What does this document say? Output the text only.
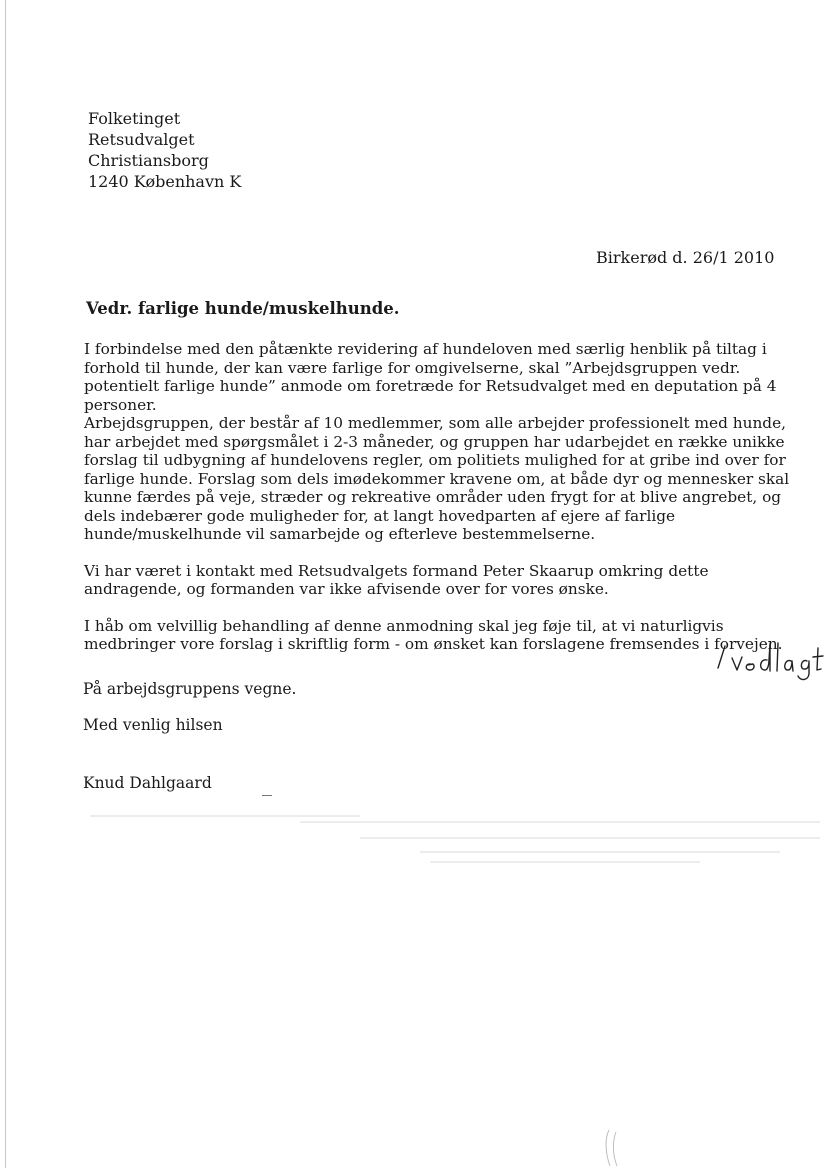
Folketinget
Retsudvalget
Christiansborg
1240 København K
Birkerød d. 26/1 2010
Vedr. farlige hunde/muskelhunde.
I forbindelse med den påtænkte revidering af hundeloven med særlig henblik på tiltag i
forhold til hunde, der kan være farlige for omgivelserne, skal ”Arbejdsgruppen vedr.
potentielt farlige hunde” anmode om foretræde for Retsudvalget med en deputation på 4
personer.
Arbejdsgruppen, der består af 10 medlemmer, som alle arbejder professionelt med hunde,
har arbejdet med spørgsmålet i 2-3 måneder, og gruppen har udarbejdet en række unikke
forslag til udbygning af hundelovens regler, om politiets mulighed for at gribe ind over for
farlige hunde. Forslag som dels imødekommer kravene om, at både dyr og mennesker skal
kunne færdes på veje, stræder og rekreative områder uden frygt for at blive angrebet, og
dels indebærer gode muligheder for, at langt hovedparten af ejere af farlige
hunde/muskelhunde vil samarbejde og efterleve bestemmelserne.
Vi har været i kontakt med Retsudvalgets formand Peter Skaarup omkring dette
andragende, og formanden var ikke afvisende over for vores ønske.
I håb om velvillig behandling af denne anmodning skal jeg føje til, at vi naturligvis
medbringer vore forslag i skriftlig form - om ønsket kan forslagene fremsendes i forvejen.
På arbejdsgruppens vegne.
Med venlig hilsen
Knud Dahlgaard
